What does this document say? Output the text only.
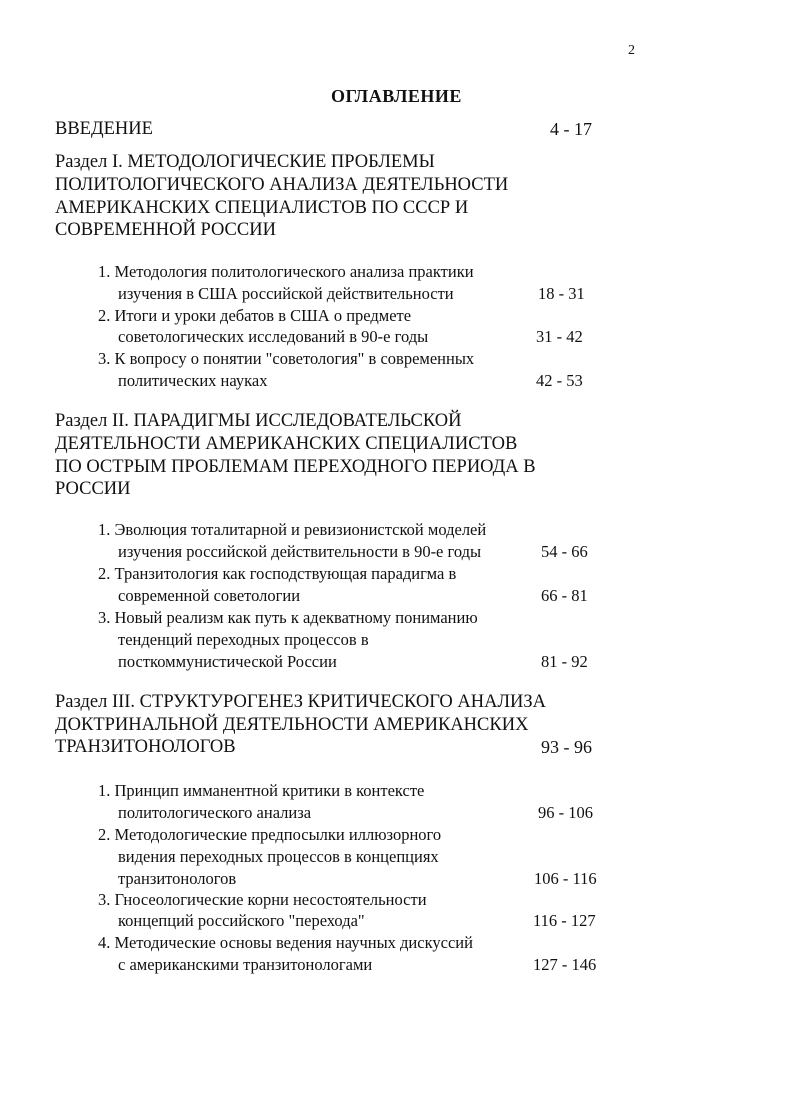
2
ОГЛАВЛЕНИЕ
ВВЕДЕНИЕ	4 - 17
Раздел I. МЕТОДОЛОГИЧЕСКИЕ ПРОБЛЕМЫ
ПОЛИТОЛОГИЧЕСКОГО АНАЛИЗА ДЕЯТЕЛЬНОСТИ
АМЕРИКАНСКИХ СПЕЦИАЛИСТОВ ПО СССР И
СОВРЕМЕННОЙ РОССИИ
1. Методология политологического анализа практики
изучения в США российской действительности	18 - 31
2. Итоги и уроки дебатов в США о предмете
советологических исследований в 90-е годы	31 - 42
3. К вопросу о понятии "советология" в современных
политических науках	42 - 53
Раздел II. ПАРАДИГМЫ ИССЛЕДОВАТЕЛЬСКОЙ
ДЕЯТЕЛЬНОСТИ АМЕРИКАНСКИХ СПЕЦИАЛИСТОВ
ПО ОСТРЫМ ПРОБЛЕМАМ ПЕРЕХОДНОГО ПЕРИОДА В
РОССИИ
1. Эволюция тоталитарной и ревизионистской моделей
изучения российской действительности в 90-е годы	54 - 66
2. Транзитология как господствующая парадигма в
современной советологии	66 - 81
3. Новый реализм как путь к адекватному пониманию
тенденций переходных процессов в
посткоммунистической России	81 - 92
Раздел III. СТРУКТУРОГЕНЕЗ КРИТИЧЕСКОГО АНАЛИЗА
ДОКТРИНАЛЬНОЙ ДЕЯТЕЛЬНОСТИ АМЕРИКАНСКИХ
ТРАНЗИТОНОЛОГОВ	93 - 96
1. Принцип имманентной критики в контексте
политологического анализа	96 - 106
2. Методологические предпосылки иллюзорного
видения переходных процессов в концепциях
транзитонологов	106 - 116
3. Гносеологические корни несостоятельности
концепций российского "перехода"	116 - 127
4. Методические основы ведения научных дискуссий
с американскими транзитонологами	127 - 146
